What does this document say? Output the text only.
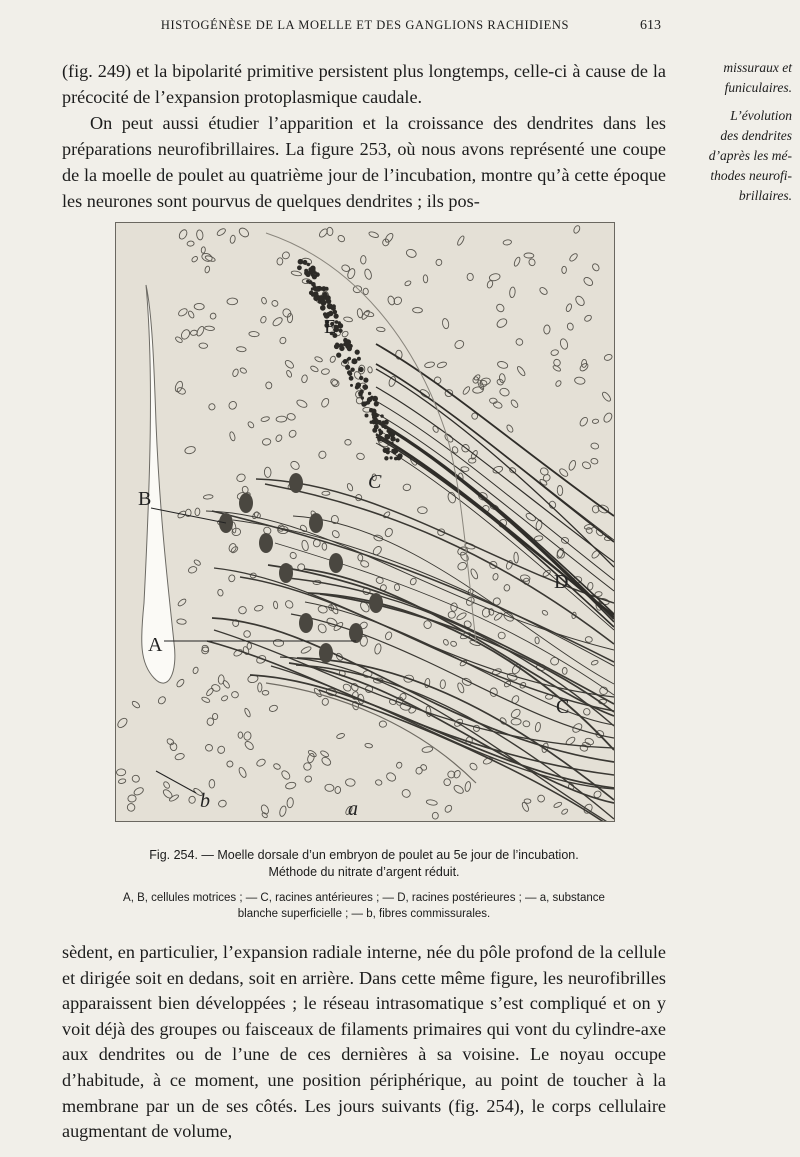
HISTOGÉNÈSE DE LA MOELLE ET DES GANGLIONS RACHIDIENS	613

(fig. 249) et la bipolarité primitive persistent plus longtemps, celle-ci à cause de la précocité de l’expansion protoplasmique caudale.

On peut aussi étudier l’apparition et la croissance des dendrites dans les préparations neurofibrillaires. La figure 253, où nous avons représenté une coupe de la moelle de poulet au quatrième jour de l’incubation, montre qu’à cette époque les neurones sont pourvus de quelques dendrites ; ils pos-

missuraux et funiculaires.
L’évolution
des dendrites
d’après les mé-
thodes neurofi-
brillaires.
E
B
A
C
D
C
b	a
Fig. 254. — Moelle dorsale d’un embryon de poulet au 5e jour de l’incubation.
Méthode du nitrate d’argent réduit.
A, B, cellules motrices ; — C, racines antérieures ; — D, racines postérieures ; — a, substance
blanche superficielle ; — b, fibres commissurales.

sèdent, en particulier, l’expansion radiale interne, née du pôle profond de la cellule et dirigée soit en dedans, soit en arrière. Dans cette même figure, les neurofibrilles apparaissent bien développées ; le réseau intrasomatique s’est compliqué et on y voit déjà des groupes ou faisceaux de filaments primaires qui vont du cylindre-axe aux dendrites ou de l’une de ces dernières à sa voisine. Le noyau occupe d’habitude, à ce moment, une position périphérique, au point de toucher à la membrane par un de ses côtés. Les jours suivants (fig. 254), le corps cellulaire augmentant de volume,
